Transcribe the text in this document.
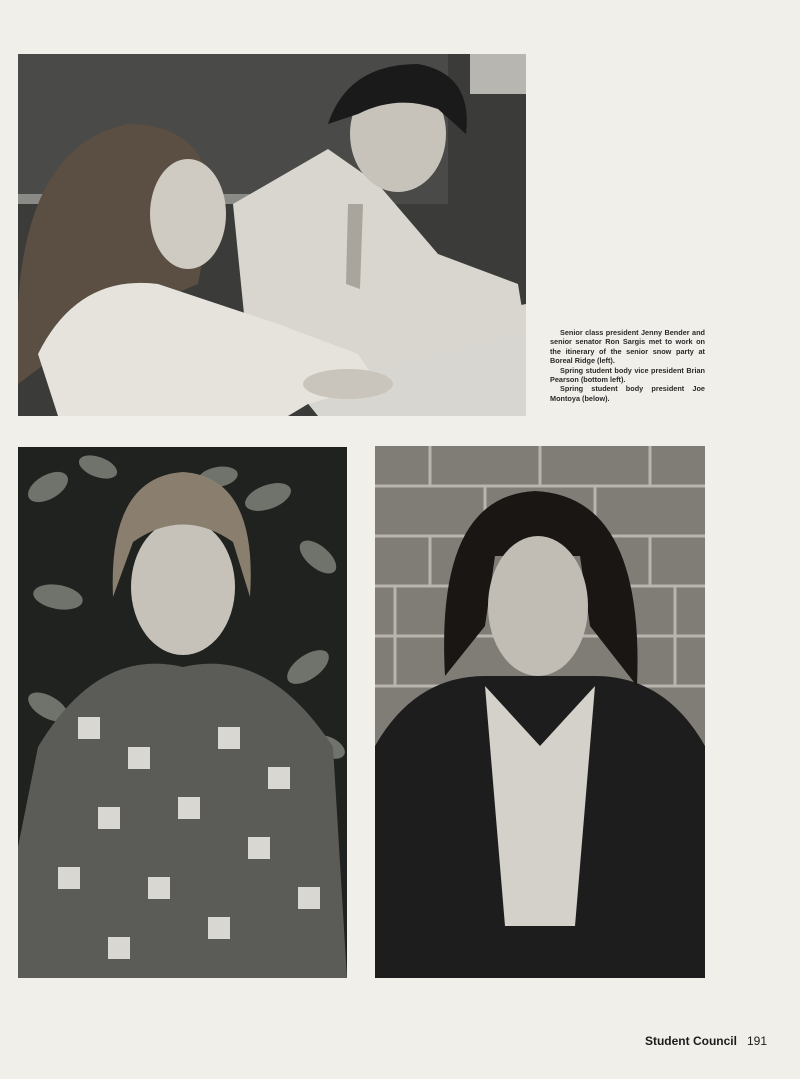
Senior class president Jenny Bender and senior senator Ron Sargis met to work on the itinerary of the senior snow party at Boreal Ridge (left).

Spring student body vice president Brian Pearson (bottom left).

Spring student body president Joe Montoya (below).

Student Council 191
